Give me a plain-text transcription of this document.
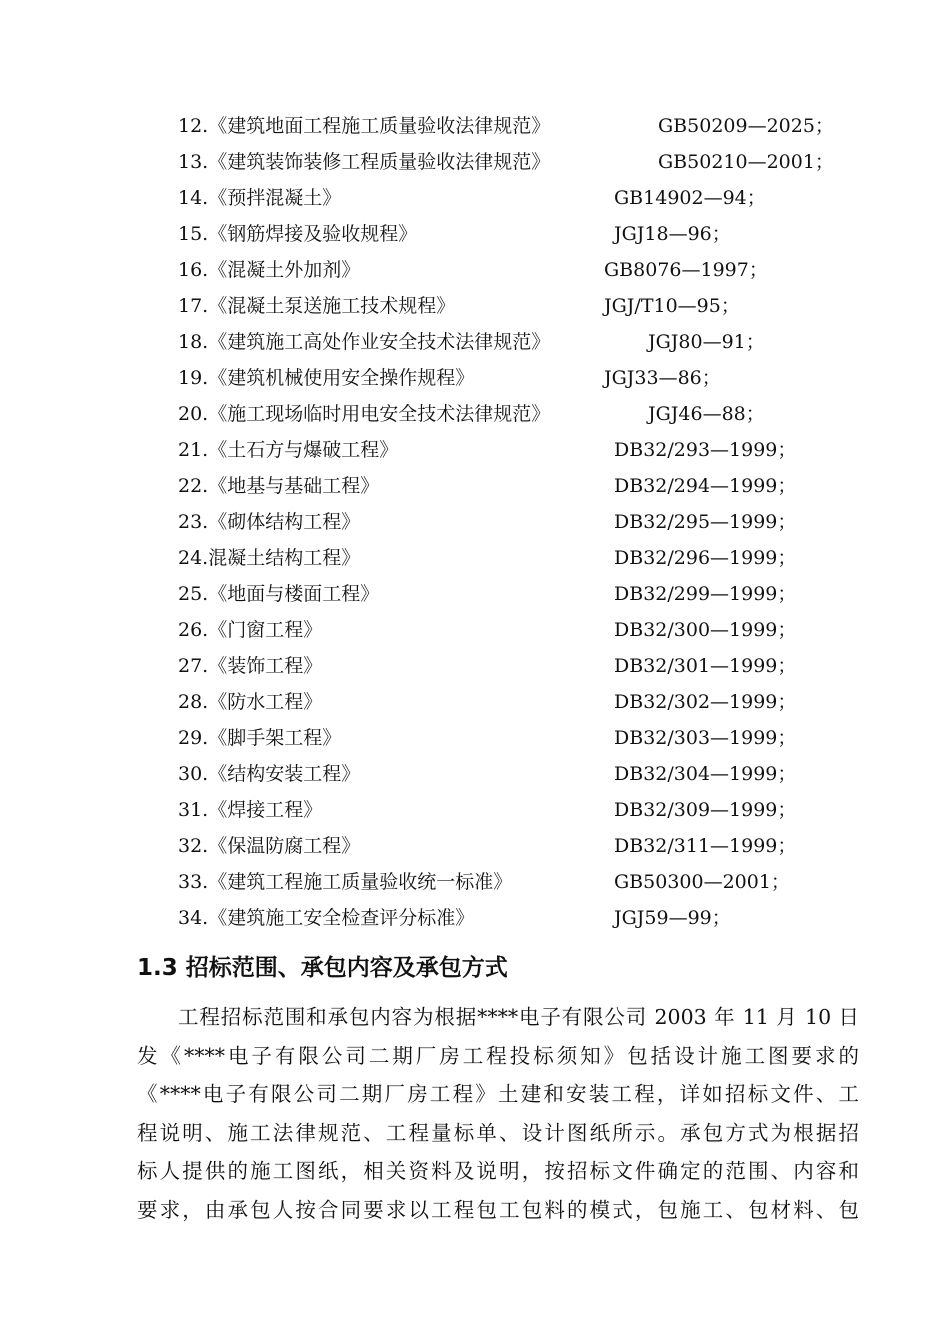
12.《建筑地面工程施工质量验收法律规范》	GB50209—2025；
13.《建筑装饰装修工程质量验收法律规范》	GB50210—2001；
14.《预拌混凝土》	GB14902—94；
15.《钢筋焊接及验收规程》	JGJ18—96；
16.《混凝土外加剂》	GB8076—1997；
17.《混凝土泵送施工技术规程》	JGJ/T10—95；
18.《建筑施工高处作业安全技术法律规范》	JGJ80—91；
19.《建筑机械使用安全操作规程》	JGJ33—86；
20.《施工现场临时用电安全技术法律规范》	JGJ46—88；
21.《土石方与爆破工程》	DB32/293—1999；
22.《地基与基础工程》	DB32/294—1999；
23.《砌体结构工程》	DB32/295—1999；
24.混凝土结构工程》	DB32/296—1999；
25.《地面与楼面工程》	DB32/299—1999；
26.《门窗工程》	DB32/300—1999；
27.《装饰工程》	DB32/301—1999；
28.《防水工程》	DB32/302—1999；
29.《脚手架工程》	DB32/303—1999；
30.《结构安装工程》	DB32/304—1999；
31.《焊接工程》	DB32/309—1999；
32.《保温防腐工程》	DB32/311—1999；
33.《建筑工程施工质量验收统一标准》	GB50300—2001；
34.《建筑施工安全检查评分标准》	JGJ59—99；
1.3 招标范围、承包内容及承包方式
工程招标范围和承包内容为根据****电子有限公司 2003 年 11 月 10 日
发《****电子有限公司二期厂房工程投标须知》包括设计施工图要求的
《****电子有限公司二期厂房工程》土建和安装工程，详如招标文件、工
程说明、施工法律规范、工程量标单、设计图纸所示。承包方式为根据招
标人提供的施工图纸，相关资料及说明，按招标文件确定的范围、内容和
要求，由承包人按合同要求以工程包工包料的模式，包施工、包材料、包
